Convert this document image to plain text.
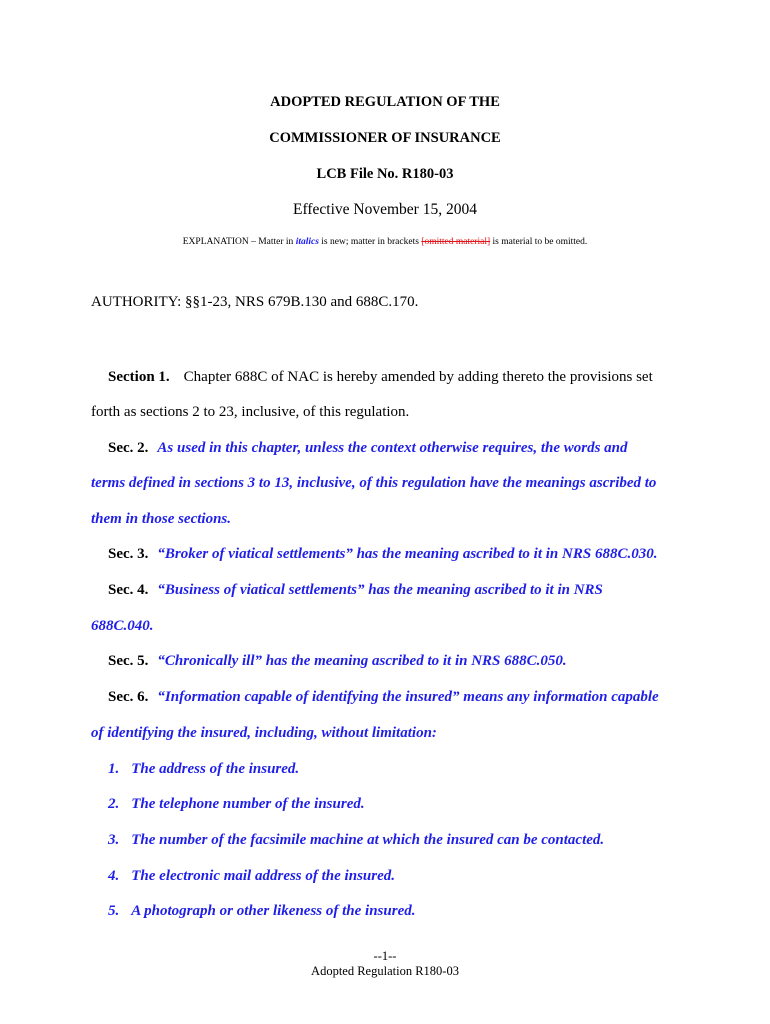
ADOPTED REGULATION OF THE
COMMISSIONER OF INSURANCE
LCB File No. R180-03
Effective November 15, 2004
EXPLANATION – Matter in italics is new; matter in brackets [omitted material] is material to be omitted.
AUTHORITY: §§1-23, NRS 679B.130 and 688C.170.
Section 1. Chapter 688C of NAC is hereby amended by adding thereto the provisions set
forth as sections 2 to 23, inclusive, of this regulation.
Sec. 2. As used in this chapter, unless the context otherwise requires, the words and
terms defined in sections 3 to 13, inclusive, of this regulation have the meanings ascribed to
them in those sections.
Sec. 3. “Broker of viatical settlements” has the meaning ascribed to it in NRS 688C.030.
Sec. 4. “Business of viatical settlements” has the meaning ascribed to it in NRS
688C.040.
Sec. 5. “Chronically ill” has the meaning ascribed to it in NRS 688C.050.
Sec. 6. “Information capable of identifying the insured” means any information capable
of identifying the insured, including, without limitation:
1. The address of the insured.
2. The telephone number of the insured.
3. The number of the facsimile machine at which the insured can be contacted.
4. The electronic mail address of the insured.
5. A photograph or other likeness of the insured.
--1--
Adopted Regulation R180-03
